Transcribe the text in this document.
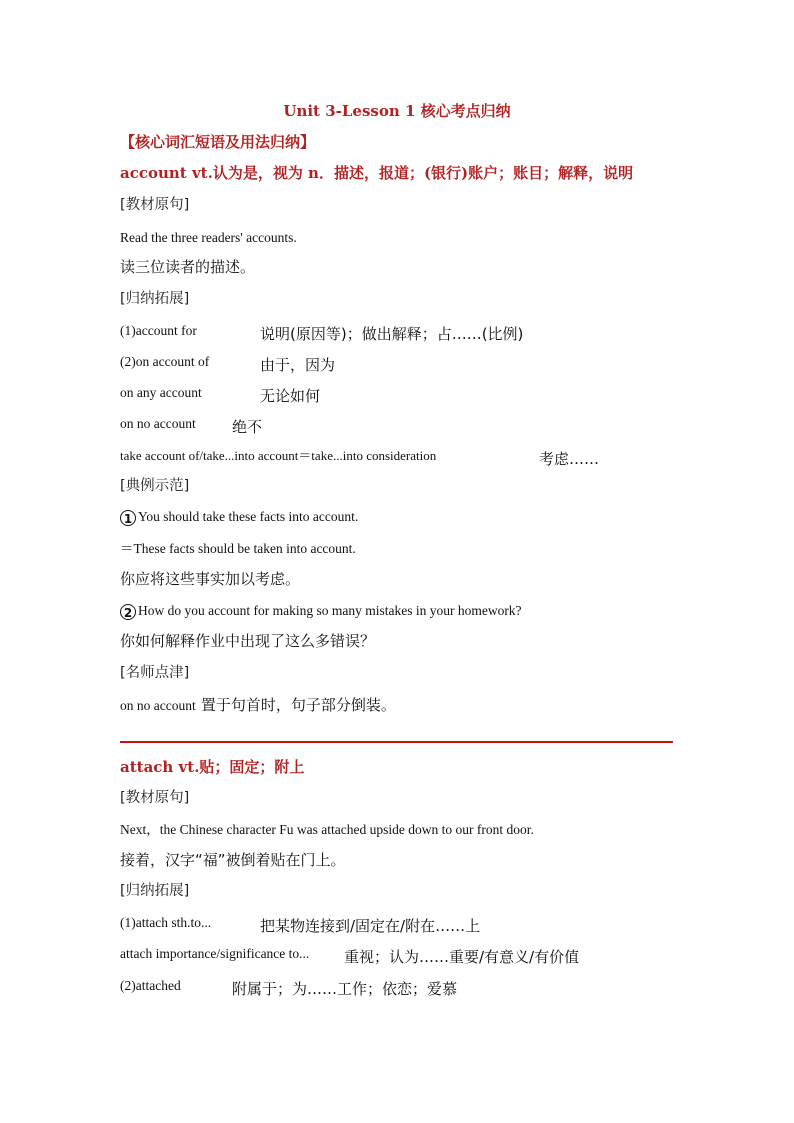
Unit 3-Lesson 1 核心考点归纳
【核心词汇短语及用法归纳】
account vt.认为是，视为 n．描述，报道；(银行)账户；账目；解释，说明
[教材原句]
Read the three readers' accounts.
读三位读者的描述。
[归纳拓展]
(1)account for	说明(原因等)；做出解释；占……(比例)
(2)on account of	由于，因为
on any account	无论如何
on no account 绝不
take account of/take...into account＝take...into consideration	考虑……
[典例示范]
1 You should take these facts into account.
＝These facts should be taken into account.
你应将这些事实加以考虑。
2 How do you account for making so many mistakes in your homework?
你如何解释作业中出现了这么多错误？
[名师点津]
on no account 置于句首时，句子部分倒装。
attach vt.贴；固定；附上
[教材原句]
Next，the Chinese character Fu was attached upside down to our front door.
接着，汉字“福”被倒着贴在门上。
[归纳拓展]
(1)attach sth.to...	把某物连接到/固定在/附在……上
attach importance/significance to... 重视；认为……重要/有意义/有价值
(2)attached	附属于；为……工作；依恋；爱慕
